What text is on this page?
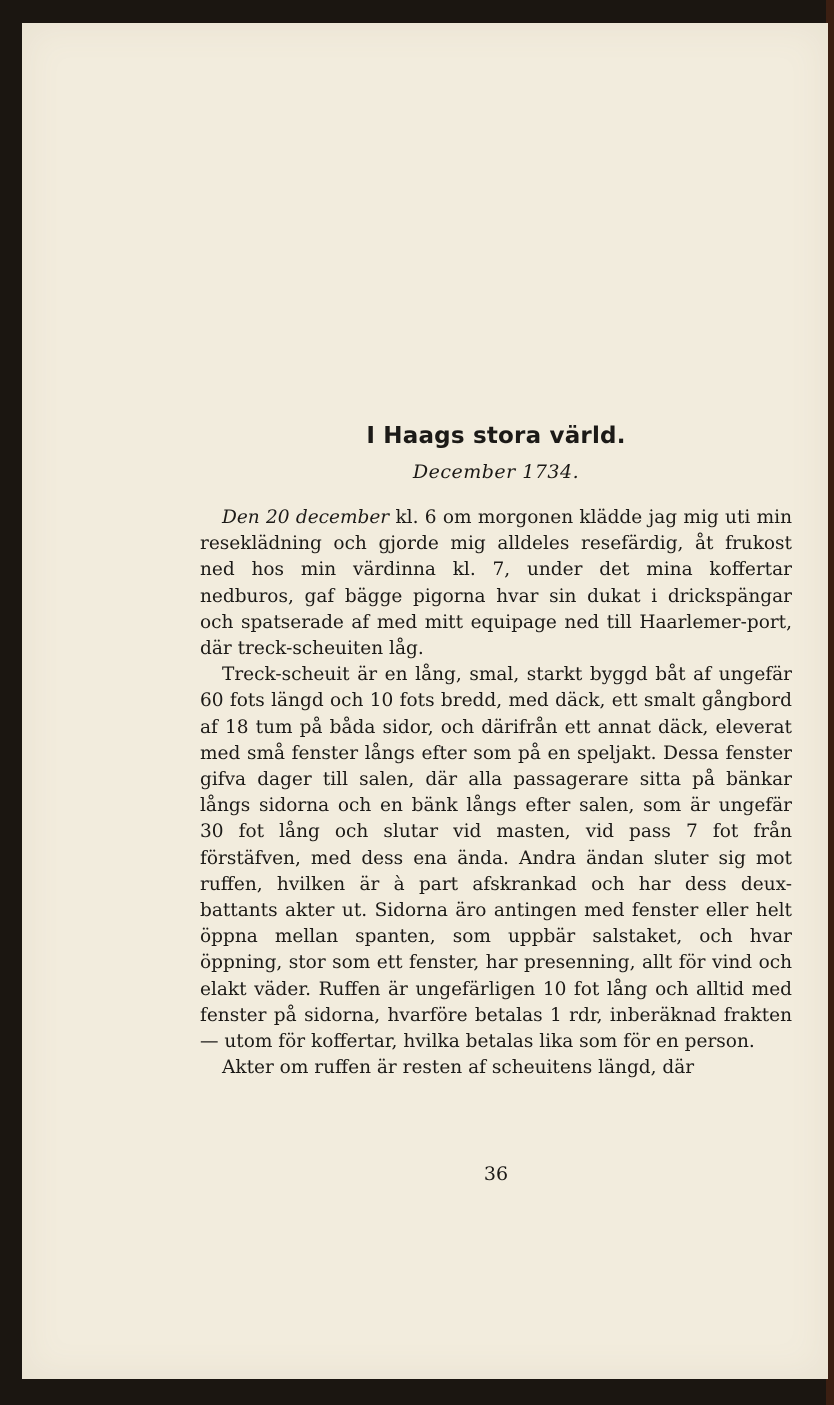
I Haags stora värld.
December 1734.

Den 20 december kl. 6 om morgonen klädde jag mig uti min reseklädning och gjorde mig alldeles resefärdig, åt frukost ned hos min värdinna kl. 7, under det mina koffertar nedburos, gaf bägge pigorna hvar sin dukat i drickspängar och spatserade af med mitt equipage ned till Haarlemer-port, där treck-scheuiten låg.

Treck-scheuit är en lång, smal, starkt byggd båt af ungefär 60 fots längd och 10 fots bredd, med däck, ett smalt gångbord af 18 tum på båda sidor, och därifrån ett annat däck, eleverat med små fenster långs efter som på en speljakt. Dessa fenster gifva dager till salen, där alla passagerare sitta på bänkar långs sidorna och en bänk långs efter salen, som är ungefär 30 fot lång och slutar vid masten, vid pass 7 fot från förstäfven, med dess ena ända. Andra ändan sluter sig mot ruffen, hvilken är à part afskrankad och har dess deux-battants akter ut. Sidorna äro antingen med fenster eller helt öppna mellan spanten, som uppbär salstaket, och hvar öppning, stor som ett fenster, har presenning, allt för vind och elakt väder. Ruffen är ungefärligen 10 fot lång och alltid med fenster på sidorna, hvarföre betalas 1 rdr, inberäknad frakten — utom för koffertar, hvilka betalas lika som för en person.

Akter om ruffen är resten af scheuitens längd, där

36
